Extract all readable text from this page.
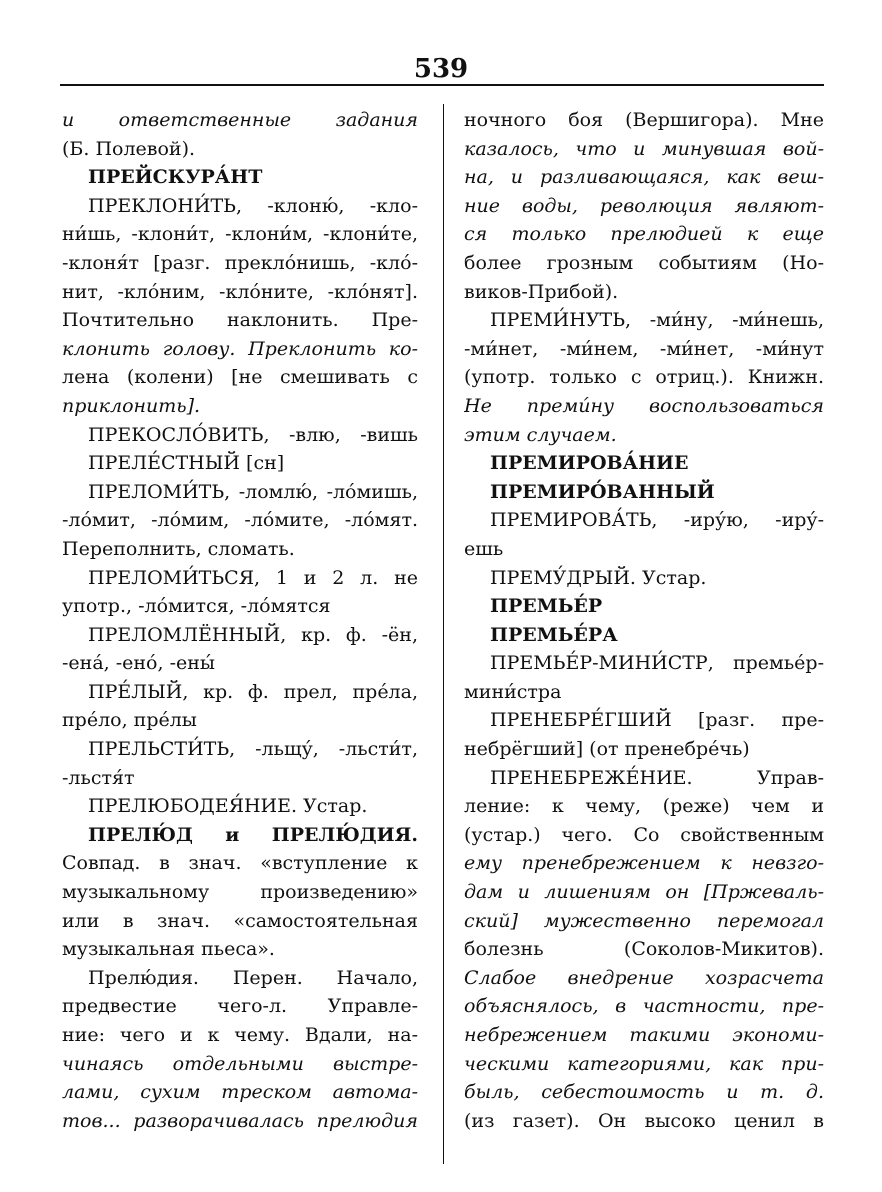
539
и ответственные задания
(Б. Полевой).
ПРЕЙСКУРА́НТ
ПРЕКЛОНИ́ТЬ, -клоню́, -кло-
ни́шь, -клони́т, -клони́м, -клони́те,
-клоня́т [разг. прекло́нишь, -кло́-
нит, -кло́ним, -кло́ните, -кло́нят].
Почтительно наклонить. Пре-
клонить голову. Преклонить ко-
лена (колени) [не смешивать с
приклонить].
ПРЕКОСЛО́ВИТЬ, -влю, -вишь
ПРЕЛЕ́СТНЫЙ [сн]
ПРЕЛОМИ́ТЬ, -ломлю́, -ло́мишь,
-ло́мит, -ло́мим, -ло́мите, -ло́мят.
Переполнить, сломать.
ПРЕЛОМИ́ТЬСЯ, 1 и 2 л. не
употр., -ло́мится, -ло́мятся
ПРЕЛОМЛЁННЫЙ, кр. ф. -ён,
-ена́, -ено́, -ены́
ПРЕ́ЛЫЙ, кр. ф. прел, пре́ла,
пре́ло, пре́лы
ПРЕЛЬСТИ́ТЬ, -льщу́, -льсти́т,
-льстя́т
ПРЕЛЮБОДЕЯ́НИЕ. Устар.
ПРЕЛЮ́Д и ПРЕЛЮ́ДИЯ.
Совпад. в знач. «вступление к
музыкальному произведению»
или в знач. «самостоятельная
музыкальная пьеса».
Прелю́дия. Перен. Начало,
предвестие чего-л. Управле-
ние: чего и к чему. Вдали, на-
чинаясь отдельными выстре-
лами, сухим треском автома-
тов... разворачивалась прелюдия
ночного боя (Вершигора). Мне
казалось, что и минувшая вой-
на, и разливающаяся, как веш-
ние воды, революция являют-
ся только прелюдией к еще
более грозным событиям (Но-
виков-Прибой).
ПРЕМИ́НУТЬ, -ми́ну, -ми́нешь,
-ми́нет, -ми́нем, -ми́нет, -ми́нут
(употр. только с отриц.). Книжн.
Не преми́ну воспользоваться
этим случаем.
ПРЕМИРОВА́НИЕ
ПРЕМИРО́ВАННЫЙ
ПРЕМИРОВА́ТЬ, -иру́ю, -иру́-
ешь
ПРЕМУ́ДРЫЙ. Устар.
ПРЕМЬЕ́Р
ПРЕМЬЕ́РА
ПРЕМЬЕ́Р-МИНИ́СТР, премье́р-
мини́стра
ПРЕНЕБРЕ́ГШИЙ [разг. пре-
небрёгший] (от пренебре́чь)
ПРЕНЕБРЕЖЕ́НИЕ. Управ-
ление: к чему, (реже) чем и
(устар.) чего. Со свойственным
ему пренебрежением к невзго-
дам и лишениям он [Пржеваль-
ский] мужественно перемогал
болезнь (Соколов-Микитов).
Слабое внедрение хозрасчета
объяснялось, в частности, пре-
небрежением такими экономи-
ческими категориями, как при-
быль, себестоимость и т. д.
(из газет). Он высоко ценил в
